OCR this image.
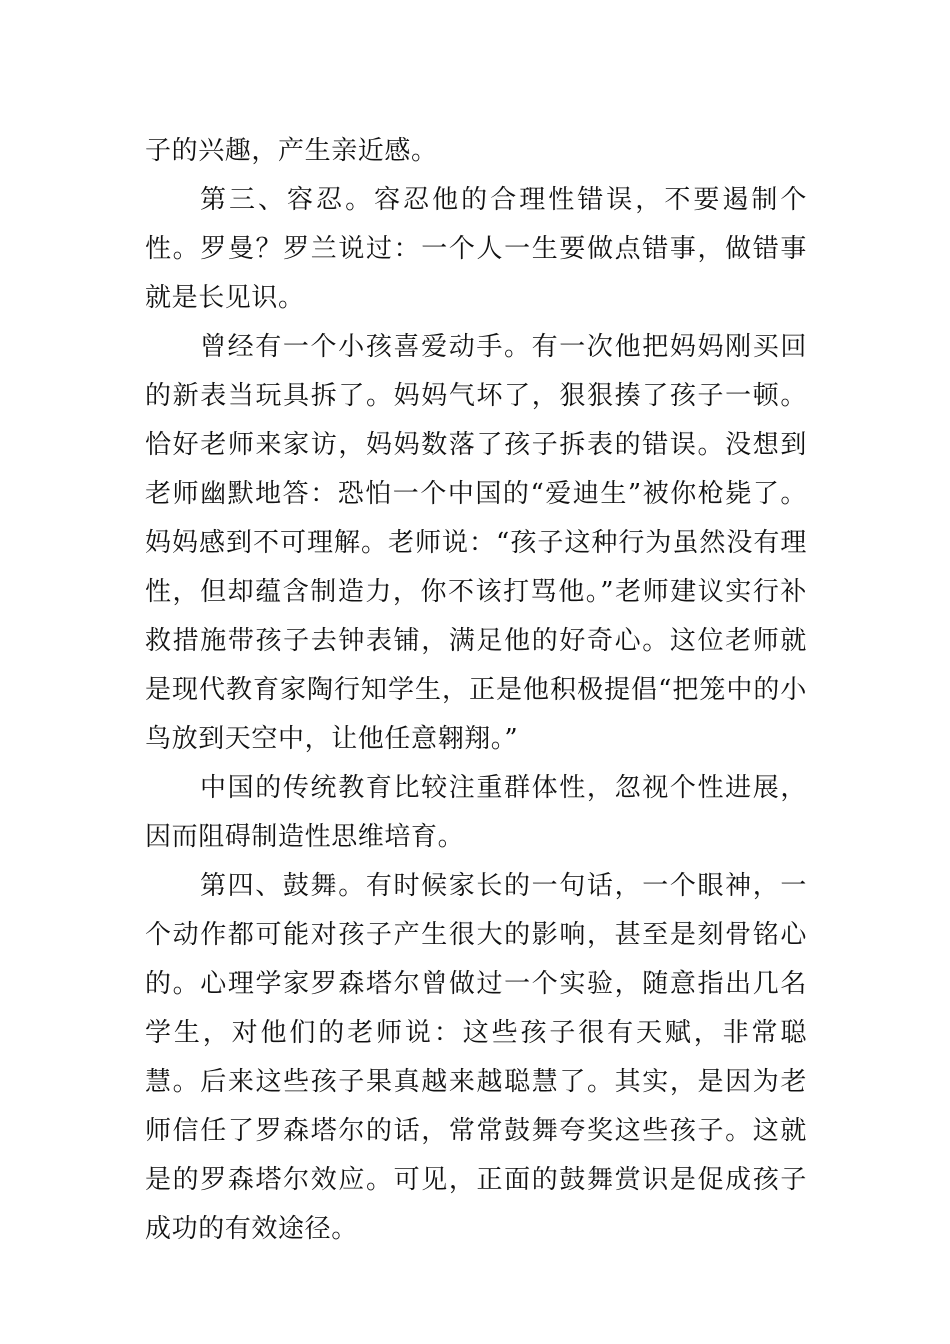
子的兴趣，产生亲近感。

第三、容忍。容忍他的合理性错误，不要遏制个性。罗曼？罗兰说过：一个人一生要做点错事，做错事就是长见识。

曾经有一个小孩喜爱动手。有一次他把妈妈刚买回的新表当玩具拆了。妈妈气坏了，狠狠揍了孩子一顿。恰好老师来家访，妈妈数落了孩子拆表的错误。没想到老师幽默地答：恐怕一个中国的“爱迪生”被你枪毙了。妈妈感到不可理解。老师说：“孩子这种行为虽然没有理性，但却蕴含制造力，你不该打骂他。”老师建议实行补救措施带孩子去钟表铺，满足他的好奇心。这位老师就是现代教育家陶行知学生，正是他积极提倡“把笼中的小鸟放到天空中，让他任意翱翔。”

中国的传统教育比较注重群体性，忽视个性进展，因而阻碍制造性思维培育。

第四、鼓舞。有时候家长的一句话，一个眼神，一个动作都可能对孩子产生很大的影响，甚至是刻骨铭心的。心理学家罗森塔尔曾做过一个实验，随意指出几名学生，对他们的老师说：这些孩子很有天赋，非常聪慧。后来这些孩子果真越来越聪慧了。其实，是因为老师信任了罗森塔尔的话，常常鼓舞夸奖这些孩子。这就是的罗森塔尔效应。可见，正面的鼓舞赏识是促成孩子成功的有效途径。
